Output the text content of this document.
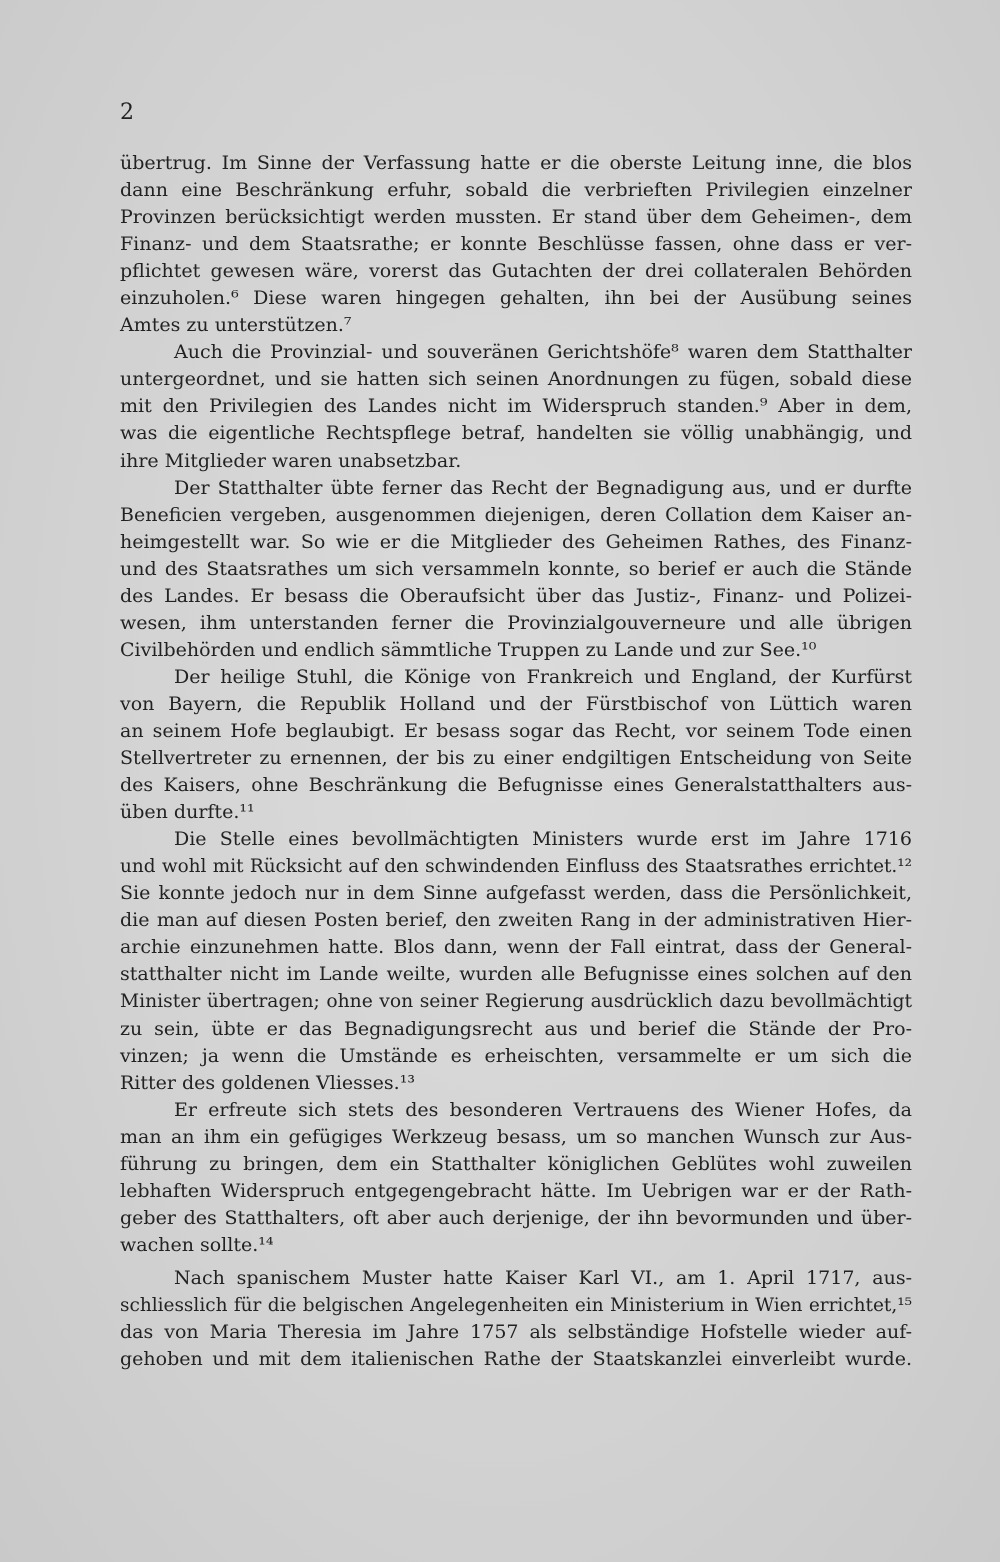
2
übertrug. Im Sinne der Verfassung hatte er die oberste Leitung inne, die blos
dann eine Beschränkung erfuhr, sobald die verbrieften Privilegien einzelner
Provinzen berücksichtigt werden mussten. Er stand über dem Geheimen-, dem
Finanz- und dem Staatsrathe; er konnte Beschlüsse fassen, ohne dass er ver-
pflichtet gewesen wäre, vorerst das Gutachten der drei collateralen Behörden
einzuholen.⁶ Diese waren hingegen gehalten, ihn bei der Ausübung seines
Amtes zu unterstützen.⁷
Auch die Provinzial- und souveränen Gerichtshöfe⁸ waren dem Statthalter
untergeordnet, und sie hatten sich seinen Anordnungen zu fügen, sobald diese
mit den Privilegien des Landes nicht im Widerspruch standen.⁹ Aber in dem,
was die eigentliche Rechtspflege betraf, handelten sie völlig unabhängig, und
ihre Mitglieder waren unabsetzbar.
Der Statthalter übte ferner das Recht der Begnadigung aus, und er durfte
Beneficien vergeben, ausgenommen diejenigen, deren Collation dem Kaiser an-
heimgestellt war. So wie er die Mitglieder des Geheimen Rathes, des Finanz-
und des Staatsrathes um sich versammeln konnte, so berief er auch die Stände
des Landes. Er besass die Oberaufsicht über das Justiz-, Finanz- und Polizei-
wesen, ihm unterstanden ferner die Provinzialgouverneure und alle übrigen
Civilbehörden und endlich sämmtliche Truppen zu Lande und zur See.¹⁰
Der heilige Stuhl, die Könige von Frankreich und England, der Kurfürst
von Bayern, die Republik Holland und der Fürstbischof von Lüttich waren
an seinem Hofe beglaubigt. Er besass sogar das Recht, vor seinem Tode einen
Stellvertreter zu ernennen, der bis zu einer endgiltigen Entscheidung von Seite
des Kaisers, ohne Beschränkung die Befugnisse eines Generalstatthalters aus-
üben durfte.¹¹
Die Stelle eines bevollmächtigten Ministers wurde erst im Jahre 1716
und wohl mit Rücksicht auf den schwindenden Einfluss des Staatsrathes errichtet.¹²
Sie konnte jedoch nur in dem Sinne aufgefasst werden, dass die Persönlichkeit,
die man auf diesen Posten berief, den zweiten Rang in der administrativen Hier-
archie einzunehmen hatte. Blos dann, wenn der Fall eintrat, dass der General-
statthalter nicht im Lande weilte, wurden alle Befugnisse eines solchen auf den
Minister übertragen; ohne von seiner Regierung ausdrücklich dazu bevollmächtigt
zu sein, übte er das Begnadigungsrecht aus und berief die Stände der Pro-
vinzen; ja wenn die Umstände es erheischten, versammelte er um sich die
Ritter des goldenen Vliesses.¹³
Er erfreute sich stets des besonderen Vertrauens des Wiener Hofes, da
man an ihm ein gefügiges Werkzeug besass, um so manchen Wunsch zur Aus-
führung zu bringen, dem ein Statthalter königlichen Geblütes wohl zuweilen
lebhaften Widerspruch entgegengebracht hätte. Im Uebrigen war er der Rath-
geber des Statthalters, oft aber auch derjenige, der ihn bevormunden und über-
wachen sollte.¹⁴
Nach spanischem Muster hatte Kaiser Karl VI., am 1. April 1717, aus-
schliesslich für die belgischen Angelegenheiten ein Ministerium in Wien errichtet,¹⁵
das von Maria Theresia im Jahre 1757 als selbständige Hofstelle wieder auf-
gehoben und mit dem italienischen Rathe der Staatskanzlei einverleibt wurde.
